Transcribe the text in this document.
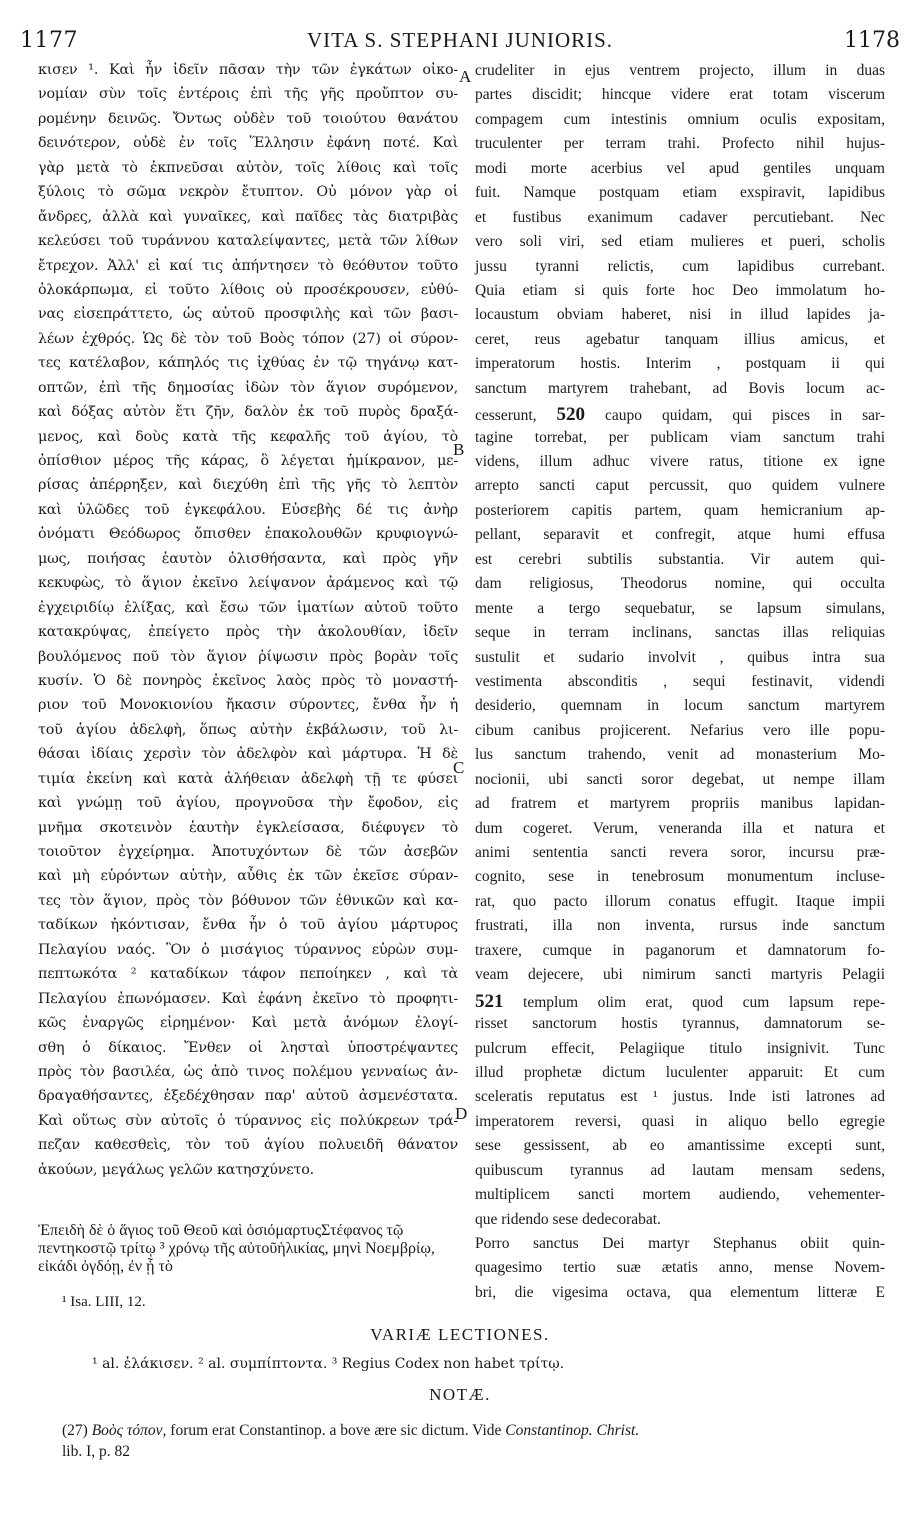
1177	VITA S. STEPHANI JUNIORIS.	1178
κισεν ¹. Καὶ ἦν ἰδεῖν πᾶσαν τὴν τῶν ἐγκάτων οἰκο-
νομίαν σὺν τοῖς ἐντέροις ἐπὶ τῆς γῆς προὔπτον συ-
ρομένην δεινῶς. Ὄντως οὐδὲν τοῦ τοιούτου θανάτου
δεινότερον, οὐδὲ ἐν τοῖς Ἕλλησιν ἐφάνη ποτέ. Καὶ
γὰρ μετὰ τὸ ἐκπνεῦσαι αὐτὸν, τοῖς λίθοις καὶ τοῖς
ξύλοις τὸ σῶμα νεκρὸν ἔτυπτον. Οὐ μόνον γὰρ οἱ
ἄνδρες, ἀλλὰ καὶ γυναῖκες, καὶ παῖδες τὰς διατριβὰς
κελεύσει τοῦ τυράννου καταλείψαντες, μετὰ τῶν λίθων
ἔτρεχον. Ἀλλ' εἰ καί τις ἀπήντησεν τὸ θεόθυτον τοῦτο
ὁλοκάρπωμα, εἰ τοῦτο λίθοις οὐ προσέκρουσεν, εὐθύ-
νας εἰσεπράττετο, ὡς αὐτοῦ προσφιλὴς καὶ τῶν βασι-
λέων ἐχθρός. Ὡς δὲ τὸν τοῦ Βοὸς τόπον (27) οἱ σύρον-
τες κατέλαβον, κάπηλός τις ἰχθύας ἐν τῷ τηγάνῳ κατ-
οπτῶν, ἐπὶ τῆς δημοσίας ἰδὼν τὸν ἅγιον συρόμενον,
καὶ δόξας αὐτὸν ἔτι ζῆν, δαλὸν ἐκ τοῦ πυρὸς δραξά-
μενος, καὶ δοὺς κατὰ τῆς κεφαλῆς τοῦ ἁγίου, τὸ
ὀπίσθιον μέρος τῆς κάρας, ὃ λέγεται ἡμίκρανον, με-
ρίσας ἀπέρρηξεν, καὶ διεχύθη ἐπὶ τῆς γῆς τὸ λεπτὸν
καὶ ὑλῶδες τοῦ ἐγκεφάλου. Εὐσεβὴς δέ τις ἀνὴρ
ὀνόματι Θεόδωρος ὄπισθεν ἐπακολουθῶν κρυφιογνώ-
μως, ποιήσας ἑαυτὸν ὀλισθήσαντα, καὶ πρὸς γῆν
κεκυφὼς, τὸ ἅγιον ἐκεῖνο λείψανον ἀράμενος καὶ τῷ
ἐγχειριδίῳ ἑλίξας, καὶ ἔσω τῶν ἱματίων αὐτοῦ τοῦτο
κατακρύψας, ἐπείγετο πρὸς τὴν ἀκολουθίαν, ἰδεῖν
βουλόμενος ποῦ τὸν ἅγιον ῥίψωσιν πρὸς βορὰν τοῖς
κυσίν. Ὁ δὲ πονηρὸς ἐκεῖνος λαὸς πρὸς τὸ μοναστή-
ριον τοῦ Μονοκιονίου ἤκασιν σύροντες, ἔνθα ἦν ἡ
τοῦ ἁγίου ἀδελφὴ, ὅπως αὐτὴν ἐκβάλωσιν, τοῦ λι-
θάσαι ἰδίαις χερσὶν τὸν ἀδελφὸν καὶ μάρτυρα. Ἡ δὲ
τιμία ἐκείνη καὶ κατὰ ἀλήθειαν ἀδελφὴ τῇ τε φύσει
καὶ γνώμῃ τοῦ ἁγίου, προγνοῦσα τὴν ἔφοδον, εἰς
μνῆμα σκοτεινὸν ἑαυτὴν ἐγκλείσασα, διέφυγεν τὸ
τοιοῦτον ἐγχείρημα. Ἀποτυχόντων δὲ τῶν ἀσεβῶν
καὶ μὴ εὑρόντων αὐτὴν, αὖθις ἐκ τῶν ἐκεῖσε σύραν-
τες τὸν ἅγιον, πρὸς τὸν βόθυνον τῶν ἐθνικῶν καὶ κα-
ταδίκων ἠκόντισαν, ἔνθα ἦν ὁ τοῦ ἁγίου μάρτυρος
Πελαγίου ναός. Ὃν ὁ μισάγιος τύραννος εὑρὼν συμ-
πεπτωκότα ² καταδίκων τάφον πεποίηκεν , καὶ τὰ
Πελαγίου ἐπωνόμασεν. Καὶ ἐφάνη ἐκεῖνο τὸ προφητι-
κῶς ἐναργῶς εἰρημένον· Καὶ μετὰ ἀνόμων ἐλογί-
σθη ὁ δίκαιος. Ἔνθεν οἱ λησταὶ ὑποστρέψαντες
πρὸς τὸν βασιλέα, ὡς ἀπὸ τινος πολέμου γενναίως ἀν-
δραγαθήσαντες, ἐξεδέχθησαν παρ' αὐτοῦ ἀσμενέστατα.
Καὶ οὕτως σὺν αὐτοῖς ὁ τύραννος εἰς πολύκρεων τρά-
πεζαν καθεσθεὶς, τὸν τοῦ ἁγίου πολυειδῆ θάνατον
ἀκούων, μεγάλως γελῶν κατησχύνετο.
crudeliter in ejus ventrem projecto, illum in duas
partes discidit; hincque videre erat totam viscerum
compagem cum intestinis omnium oculis expositam,
truculenter per terram trahi. Profecto nihil hujus-
modi morte acerbius vel apud gentiles unquam
fuit. Namque postquam etiam exspiravit, lapidibus
et fustibus exanimum cadaver percutiebant. Nec
vero soli viri, sed etiam mulieres et pueri, scholis
jussu tyranni relictis, cum lapidibus currebant.
Quia etiam si quis forte hoc Deo immolatum ho-
locaustum obviam haberet, nisi in illud lapides ja-
ceret, reus agebatur tanquam illius amicus, et
imperatorum hostis. Interim , postquam ii qui
sanctum martyrem trahebant, ad Bovis locum ac-
cesserunt, 520 caupo quidam, qui pisces in sar-
tagine torrebat, per publicam viam sanctum trahi
videns, illum adhuc vivere ratus, titione ex igne
arrepto sancti caput percussit, quo quidem vulnere
posteriorem capitis partem, quam hemicranium ap-
pellant, separavit et confregit, atque humi effusa
est cerebri subtilis substantia. Vir autem qui-
dam religiosus, Theodorus nomine, qui occulta
mente a tergo sequebatur, se lapsum simulans,
seque in terram inclinans, sanctas illas reliquias
sustulit et sudario involvit , quibus intra sua
vestimenta absconditis , sequi festinavit, videndi
desiderio, quemnam in locum sanctum martyrem
cibum canibus projicerent. Nefarius vero ille popu-
lus sanctum trahendo, venit ad monasterium Mo-
nocionii, ubi sancti soror degebat, ut nempe illam
ad fratrem et martyrem propriis manibus lapidan-
dum cogeret. Verum, veneranda illa et natura et
animi sententia sancti revera soror, incursu præ-
cognito, sese in tenebrosum monumentum incluse-
rat, quo pacto illorum conatus effugit. Itaque impii
frustrati, illa non inventa, rursus inde sanctum
traxere, cumque in paganorum et damnatorum fo-
veam dejecere, ubi nimirum sancti martyris Pelagii
521 templum olim erat, quod cum lapsum repe-
risset sanctorum hostis tyrannus, damnatorum se-
pulcrum effecit, Pelagiique titulo insignivit. Tunc
illud prophetæ dictum luculenter apparuit: Et cum
sceleratis reputatus est ¹ justus. Inde isti latrones ad
imperatorem reversi, quasi in aliquo bello egregie
sese gessissent, ab eo amantissime excepti sunt,
quibuscum tyrannus ad lautam mensam sedens,
multiplicem sancti mortem audiendo, vehementer-
que ridendo sese dedecorabat.
Porro sanctus Dei martyr Stephanus obiit quin-
quagesimo tertio suæ ætatis anno, mense Novem-
bri, die vigesima octava, qua elementum litteræ E
Ἐπειδὴ δὲ ὁ ἅγιος τοῦ Θεοῦ καὶ ὁσιόμαρτυςΣτέφανος τῷ πεντηκοστῷ τρίτῳ ³ χρόνῳ τῆς αὐτοῦἡλικίας, μηνὶ Νοεμβρίῳ, εἰκάδι ὀγδόῃ, ἐν ᾗ τὸ
A
B
C
D
¹ Isa. LIII, 12.
VARIÆ LECTIONES.
¹ al. ἐλάκισεν. ² al. συμπίπτοντα. ³ Regius Codex non habet τρίτῳ.
NOTÆ.
(27) Βοὸς τόπον, forum erat Constantinop. a bove ære sic dictum. Vide Constantinop. Christ.
lib. I, p. 82
